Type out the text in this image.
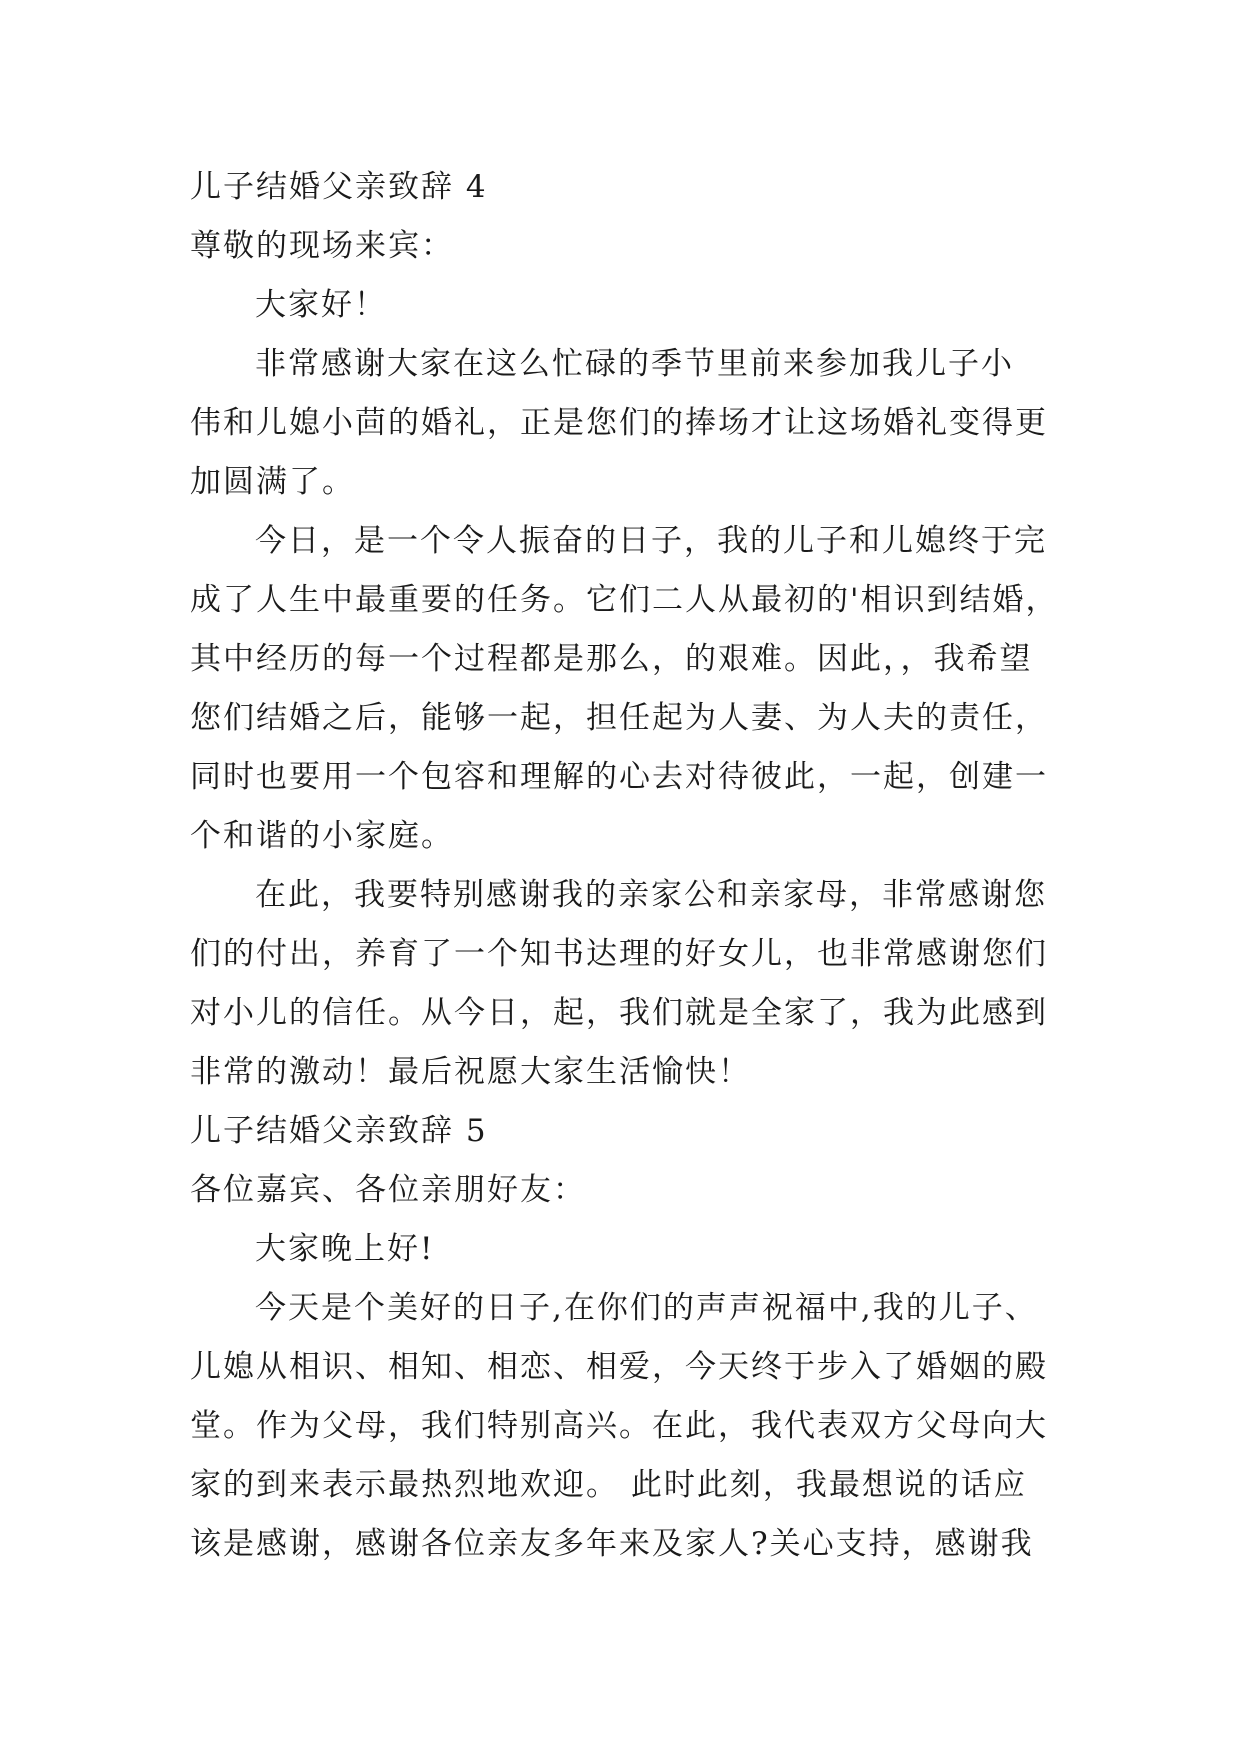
儿子结婚父亲致辞 4

尊敬的现场来宾：

大家好！

非常感谢大家在这么忙碌的季节里前来参加我儿子小

伟和儿媳小茴的婚礼，正是您们的捧场才让这场婚礼变得更

加圆满了。

今日，是一个令人振奋的日子，我的儿子和儿媳终于完

成了人生中最重要的任务。它们二人从最初的'相识到结婚，

其中经历的每一个过程都是那么，的艰难。因此，，我希望

您们结婚之后，能够一起，担任起为人妻、为人夫的责任，

同时也要用一个包容和理解的心去对待彼此，一起，创建一

个和谐的小家庭。

在此，我要特别感谢我的亲家公和亲家母，非常感谢您

们的付出，养育了一个知书达理的好女儿，也非常感谢您们

对小儿的信任。从今日，起，我们就是全家了，我为此感到

非常的激动！最后祝愿大家生活愉快！

儿子结婚父亲致辞 5

各位嘉宾、各位亲朋好友：

大家晚上好!

今天是个美好的日子,在你们的声声祝福中,我的儿子、

儿媳从相识、相知、相恋、相爱，今天终于步入了婚姻的殿

堂。作为父母，我们特别高兴。在此，我代表双方父母向大

家的到来表示最热烈地欢迎。 此时此刻，我最想说的话应

该是感谢，感谢各位亲友多年来及家人?关心支持，感谢我
